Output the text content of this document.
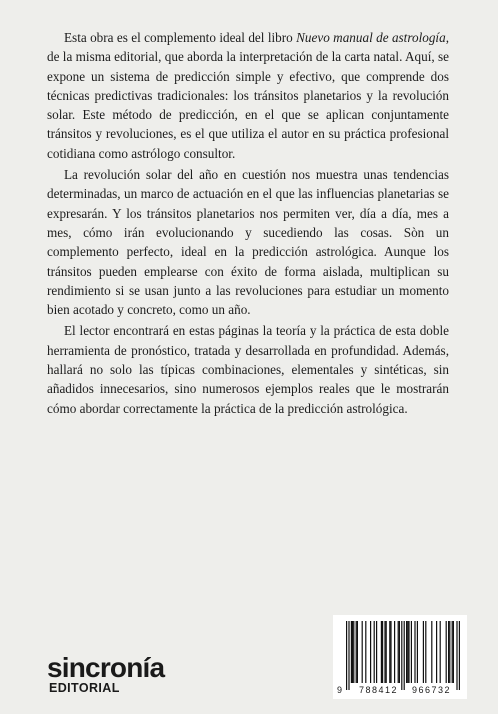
Esta obra es el complemento ideal del libro Nuevo manual de astrología, de la misma editorial, que aborda la interpretación de la carta natal. Aquí, se expone un sistema de predicción simple y efectivo, que comprende dos técnicas predictivas tradicionales: los tránsitos planetarios y la revolución solar. Este método de predicción, en el que se aplican conjuntamente tránsitos y revoluciones, es el que utiliza el autor en su práctica profesional cotidiana como astrólogo consultor.

La revolución solar del año en cuestión nos muestra unas tendencias determinadas, un marco de actuación en el que las influencias planetarias se expresarán. Y los tránsitos planetarios nos permiten ver, día a día, mes a mes, cómo irán evolucionando y sucediendo las cosas. Sòn un complemento perfecto, ideal en la predicción astrológica. Aunque los tránsitos pueden emplearse con éxito de forma aislada, multiplican su rendimiento si se usan junto a las revoluciones para estudiar un momento bien acotado y concreto, como un año.

El lector encontrará en estas páginas la teoría y la práctica de esta doble herramienta de pronóstico, tratada y desarrollada en profundidad. Además, hallará no solo las típicas combinaciones, elementales y sintéticas, sin añadidos innecesarios, sino numerosos ejemplos reales que le mostrarán cómo abordar correctamente la práctica de la predicción astrológica.

sincronía
EDITORIAL	9 788412 966732
